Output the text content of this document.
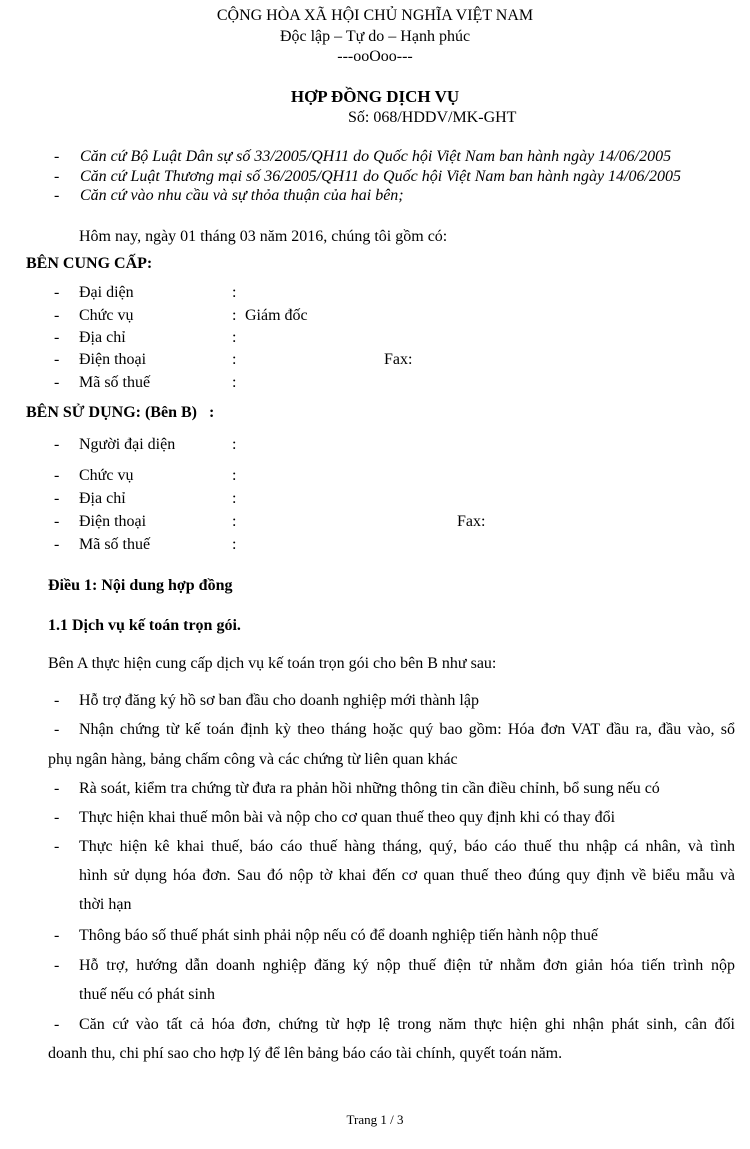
CỘNG HÒA XÃ HỘI CHỦ NGHĨA VIỆT NAM
Độc lập – Tự do – Hạnh phúc
---ooOoo---
HỢP ĐỒNG DỊCH VỤ
Số: 068/HDDV/MK-GHT
- Căn cứ Bộ Luật Dân sự số 33/2005/QH11 do Quốc hội Việt Nam ban hành ngày 14/06/2005
- Căn cứ Luật Thương mại số 36/2005/QH11 do Quốc hội Việt Nam ban hành ngày 14/06/2005
- Căn cứ vào nhu cầu và sự thỏa thuận của hai bên;
Hôm nay, ngày 01 tháng 03 năm 2016, chúng tôi gồm có:
BÊN CUNG CẤP:
- Đại diện	:
- Chức vụ	: Giám đốc
- Địa chỉ	:
- Điện thoại	:	Fax:
- Mã số thuế	:
BÊN SỬ DỤNG: (Bên B)   :
- Người đại diện	:
- Chức vụ	:
- Địa chỉ	:
- Điện thoại	:	Fax:
- Mã số thuế	:
Điều 1: Nội dung hợp đồng
1.1 Dịch vụ kế toán trọn gói.
Bên A thực hiện cung cấp dịch vụ kế toán trọn gói cho bên B như sau:
- Hỗ trợ đăng ký hồ sơ ban đầu cho doanh nghiệp mới thành lập
- Nhận chứng từ kế toán định kỳ theo tháng hoặc quý bao gồm: Hóa đơn VAT đầu ra, đầu vào, sổ
phụ ngân hàng, bảng chấm công và các chứng từ liên quan khác
- Rà soát, kiểm tra chứng từ đưa ra phản hồi những thông tin cần điều chỉnh, bổ sung nếu có
- Thực hiện khai thuế môn bài và nộp cho cơ quan thuế theo quy định khi có thay đổi
- Thực hiện kê khai thuế, báo cáo thuế hàng tháng, quý, báo cáo thuế thu nhập cá nhân, và tình
hình sử dụng hóa đơn. Sau đó nộp tờ khai đến cơ quan thuế theo đúng quy định về biểu mẫu và
thời hạn
- Thông báo số thuế phát sinh phải nộp nếu có để doanh nghiệp tiến hành nộp thuế
- Hỗ trợ, hướng dẫn doanh nghiệp đăng ký nộp thuế điện tử nhằm đơn giản hóa tiến trình nộp
thuế nếu có phát sinh
- Căn cứ vào tất cả hóa đơn, chứng từ hợp lệ trong năm thực hiện ghi nhận phát sinh, cân đối
doanh thu, chi phí sao cho hợp lý để lên bảng báo cáo tài chính, quyết toán năm.
Trang 1 / 3
